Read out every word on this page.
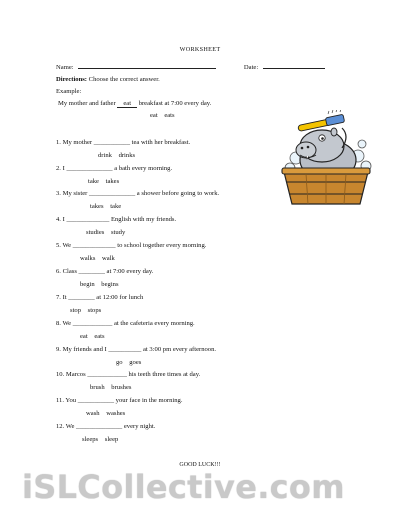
WORKSHEET
Name:	Date:
Directions: Choose the correct answer.
Example:
My mother and father eat breakfast at 7:00 every day.
eat eats
1. My mother ___________ tea with her breakfast.
drink drinks
2. I ______________ a bath every morning.
take takes
3. My sister ______________ a shower before going to work.
takes take
4. I _____________ English with my friends.
studies study
5. We _____________ to school together every morning.
walks walk
6. Class ________ at 7:00 every day.
begin begins
7. It ________ at 12:00 for lunch
stop stops
8. We ____________ at the cafeteria every morning.
eat eats
9. My friends and I __________ at 3:00 pm every afternoon.
go goes
10. Marcos ____________ his teeth three times at day.
brush brushes
11. You ___________ your face in the morning.
wash washes
12. We ______________ every night.
sleeps sleep
GOOD LUCK!!!
iSLCollective.com
